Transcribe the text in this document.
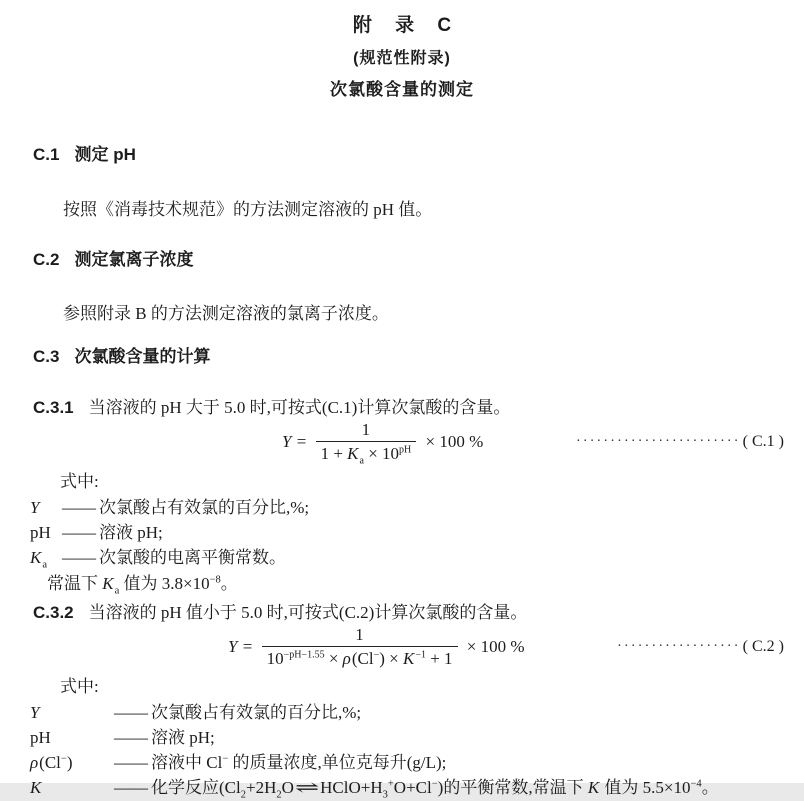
附 录 C
(规范性附录)
次氯酸含量的测定
C.1 测定 pH

按照《消毒技术规范》的方法测定溶液的 pH 值。

C.2 测定氯离子浓度

参照附录 B 的方法测定溶液的氯离子浓度。

C.3 次氯酸含量的计算
C.3.1 当溶液的 pH 大于 5.0 时,可按式(C.1)计算次氯酸的含量。
$Y = \frac{1}{1 + K_a \times 10^{pH}} \times 100$ %	························ ( C.1 )
式中:
Y	—— 次氯酸占有效氯的百分比,%;
pH —— 溶液 pH;
$K_a$ —— 次氯酸的电离平衡常数。
常温下 $K_a$ 值为 $3.8\times 10^{-8}$。
C.3.2 当溶液的 pH 值小于 5.0 时,可按式(C.2)计算次氯酸的含量。
$Y = \frac{1}{10^{-pH-1.55} \times \rho(Cl^-) \times K^{-1} + 1} \times 100$ %	·················· ( C.2 )
式中:
Y	—— 次氯酸占有效氯的百分比,%;
pH	—— 溶液 pH;
ρ(Cl−)	—— 溶液中 Cl− 的质量浓度,单位克每升(g/L);
K	—— 化学反应$(Cl_2+2H_2O\rightleftharpoons HClO+H_3^+O+Cl^-)$的平衡常数,常温下 K 值为 $5.5\times 10^{-4}$。
